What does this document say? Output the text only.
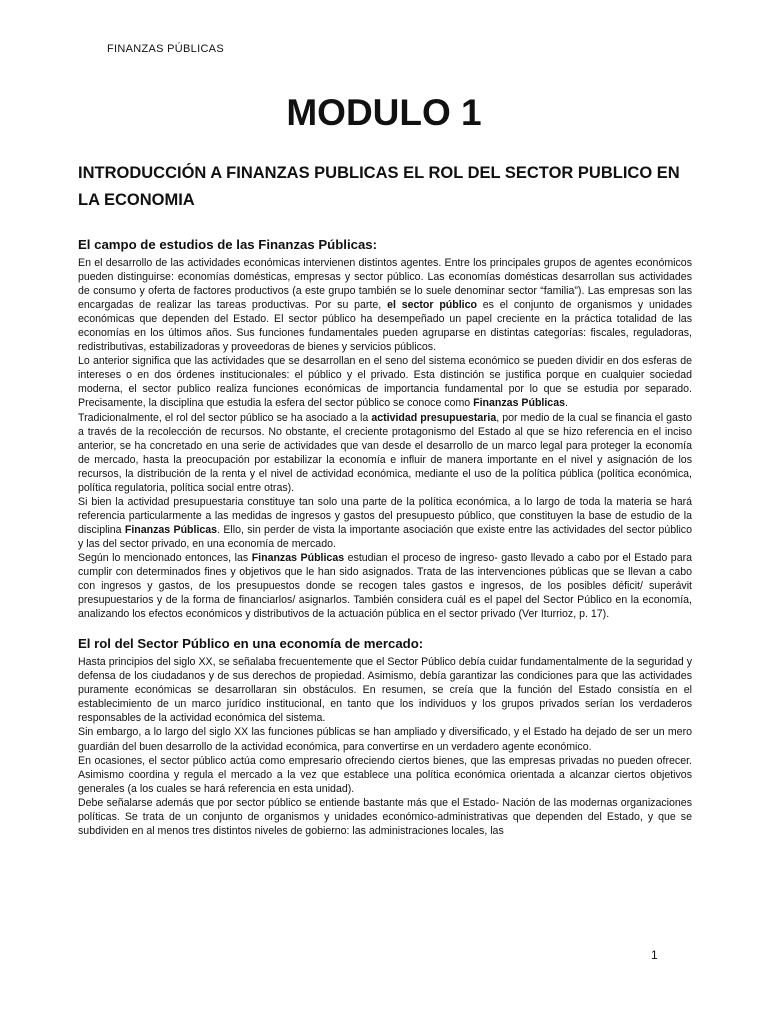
FINANZAS PÚBLICAS
MODULO 1
INTRODUCCIÓN A FINANZAS PUBLICAS EL ROL DEL SECTOR PUBLICO EN LA ECONOMIA
El campo de estudios de las Finanzas Públicas:

En el desarrollo de las actividades económicas intervienen distintos agentes. Entre los principales grupos de agentes económicos pueden distinguirse: economías domésticas, empresas y sector público. Las economías domésticas desarrollan sus actividades de consumo y oferta de factores productivos (a este grupo también se lo suele denominar sector “familia”). Las empresas son las encargadas de realizar las tareas productivas. Por su parte, el sector público es el conjunto de organismos y unidades económicas que dependen del Estado. El sector público ha desempeñado un papel creciente en la práctica totalidad de las economías en los últimos años. Sus funciones fundamentales pueden agruparse en distintas categorías: fiscales, reguladoras, redistributivas, estabilizadoras y proveedoras de bienes y servicios públicos.

Lo anterior significa que las actividades que se desarrollan en el seno del sistema económico se pueden dividir en dos esferas de intereses o en dos órdenes institucionales: el público y el privado. Esta distinción se justifica porque en cualquier sociedad moderna, el sector publico realiza funciones económicas de importancia fundamental por lo que se estudia por separado. Precisamente, la disciplina que estudia la esfera del sector público se conoce como Finanzas Públicas.

Tradicionalmente, el rol del sector público se ha asociado a la actividad presupuestaria, por medio de la cual se financia el gasto a través de la recolección de recursos. No obstante, el creciente protagonismo del Estado al que se hizo referencia en el inciso anterior, se ha concretado en una serie de actividades que van desde el desarrollo de un marco legal para proteger la economía de mercado, hasta la preocupación por estabilizar la economía e influir de manera importante en el nivel y asignación de los recursos, la distribución de la renta y el nivel de actividad económica, mediante el uso de la política pública (política económica, política regulatoria, política social entre otras).

Si bien la actividad presupuestaria constituye tan solo una parte de la política económica, a lo largo de toda la materia se hará referencia particularmente a las medidas de ingresos y gastos del presupuesto público, que constituyen la base de estudio de la disciplina Finanzas Públicas. Ello, sin perder de vista la importante asociación que existe entre las actividades del sector público y las del sector privado, en una economía de mercado.

Según lo mencionado entonces, las Finanzas Públicas estudian el proceso de ingreso- gasto llevado a cabo por el Estado para cumplir con determinados fines y objetivos que le han sido asignados. Trata de las intervenciones públicas que se llevan a cabo con ingresos y gastos, de los presupuestos donde se recogen tales gastos e ingresos, de los posibles déficit/ superávit presupuestarios y de la forma de financiarlos/ asignarlos. También considera cuál es el papel del Sector Público en la economía, analizando los efectos económicos y distributivos de la actuación pública en el sector privado (Ver Iturrioz, p. 17).

El rol del Sector Público en una economía de mercado:

Hasta principios del siglo XX, se señalaba frecuentemente que el Sector Público debía cuidar fundamentalmente de la seguridad y defensa de los ciudadanos y de sus derechos de propiedad. Asimismo, debía garantizar las condiciones para que las actividades puramente económicas se desarrollaran sin obstáculos. En resumen, se creía que la función del Estado consistía en el establecimiento de un marco jurídico institucional, en tanto que los individuos y los grupos privados serían los verdaderos responsables de la actividad económica del sistema.

Sin embargo, a lo largo del siglo XX las funciones públicas se han ampliado y diversificado, y el Estado ha dejado de ser un mero guardián del buen desarrollo de la actividad económica, para convertirse en un verdadero agente económico.

En ocasiones, el sector público actúa como empresario ofreciendo ciertos bienes, que las empresas privadas no pueden ofrecer. Asimismo coordina y regula el mercado a la vez que establece una política económica orientada a alcanzar ciertos objetivos generales (a los cuales se hará referencia en esta unidad).

Debe señalarse además que por sector público se entiende bastante más que el Estado- Nación de las modernas organizaciones políticas. Se trata de un conjunto de organismos y unidades económico-administrativas que dependen del Estado, y que se subdividen en al menos tres distintos niveles de gobierno: las administraciones locales, las

1
